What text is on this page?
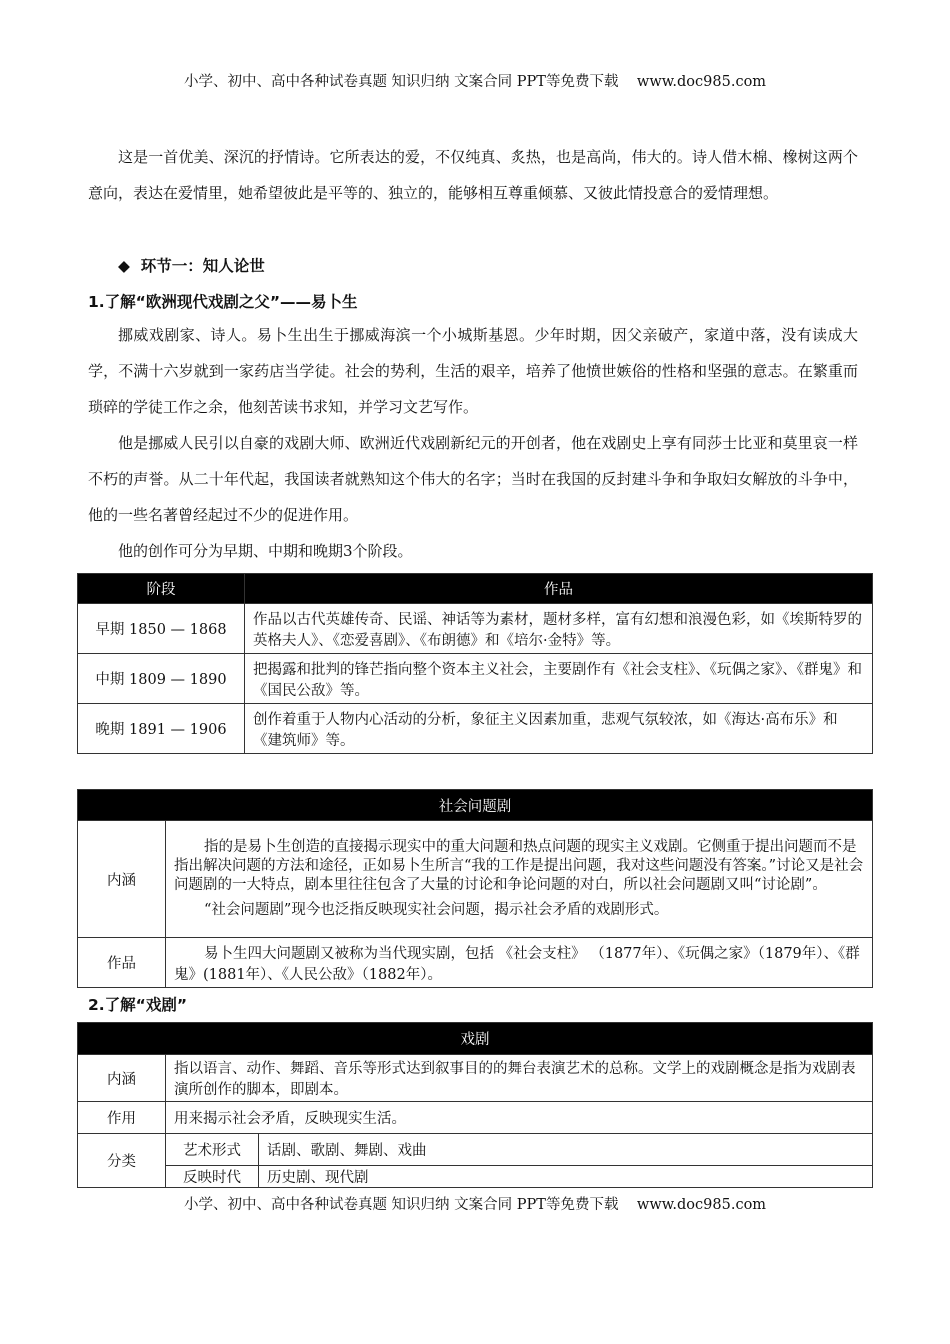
小学、初中、高中各种试卷真题 知识归纳 文案合同 PPT等免费下载 www.doc985.com
这是一首优美、深沉的抒情诗。它所表达的爱，不仅纯真、炙热，也是高尚，伟大的。诗人借木棉、橡树这两个意向，表达在爱情里，她希望彼此是平等的、独立的，能够相互尊重倾慕、又彼此情投意合的爱情理想。
◆ 环节一：知人论世
1.了解“欧洲现代戏剧之父”——易卜生
挪威戏剧家、诗人。易卜生出生于挪威海滨一个小城斯基恩。少年时期，因父亲破产，家道中落，没有读成大学，不满十六岁就到一家药店当学徒。社会的势利，生活的艰辛，培养了他愤世嫉俗的性格和坚强的意志。在繁重而琐碎的学徒工作之余，他刻苦读书求知，并学习文艺写作。
他是挪威人民引以自豪的戏剧大师、欧洲近代戏剧新纪元的开创者，他在戏剧史上享有同莎士比亚和莫里哀一样不朽的声誉。从二十年代起，我国读者就熟知这个伟大的名字；当时在我国的反封建斗争和争取妇女解放的斗争中，他的一些名著曾经起过不少的促进作用。
他的创作可分为早期、中期和晚期3个阶段。
阶段	作品
早期 1850 — 1868	作品以古代英雄传奇、民谣、神话等为素材，题材多样，富有幻想和浪漫色彩，如《埃斯特罗的英格夫人》、《恋爱喜剧》、《布朗德》和《培尔·金特》等。
中期 1809 — 1890	把揭露和批判的锋芒指向整个资本主义社会，主要剧作有《社会支柱》、《玩偶之家》、《群鬼》和《国民公敌》等。
晚期 1891 — 1906	创作着重于人物内心活动的分析，象征主义因素加重，悲观气氛较浓，如《海达·高布乐》和《建筑师》等。
社会问题剧	
内涵	指的是易卜生创造的直接揭示现实中的重大问题和热点问题的现实主义戏剧。它侧重于提出问题而不是指出解决问题的方法和途径，正如易卜生所言“我的工作是提出问题，我对这些问题没有答案。”讨论又是社会问题剧的一大特点，剧本里往往包含了大量的讨论和争论问题的对白，所以社会问题剧又叫“讨论剧”。
“社会问题剧”现今也泛指反映现实社会问题，揭示社会矛盾的戏剧形式。

作品	易卜生四大问题剧又被称为当代现实剧，包括 《社会支柱》 （1877年）、《玩偶之家》（1879年）、《群鬼》(1881年）、《人民公敌》（1882年）。
2.了解“戏剧”
戏剧		
内涵	指以语言、动作、舞蹈、音乐等形式达到叙事目的的舞台表演艺术的总称。文学上的戏剧概念是指为戏剧表演所创作的脚本，即剧本。	
作用	用来揭示社会矛盾，反映现实生活。	
分类	艺术形式	话剧、歌剧、舞剧、戏曲
	反映时代	历史剧、现代剧
小学、初中、高中各种试卷真题 知识归纳 文案合同 PPT等免费下载 www.doc985.com
